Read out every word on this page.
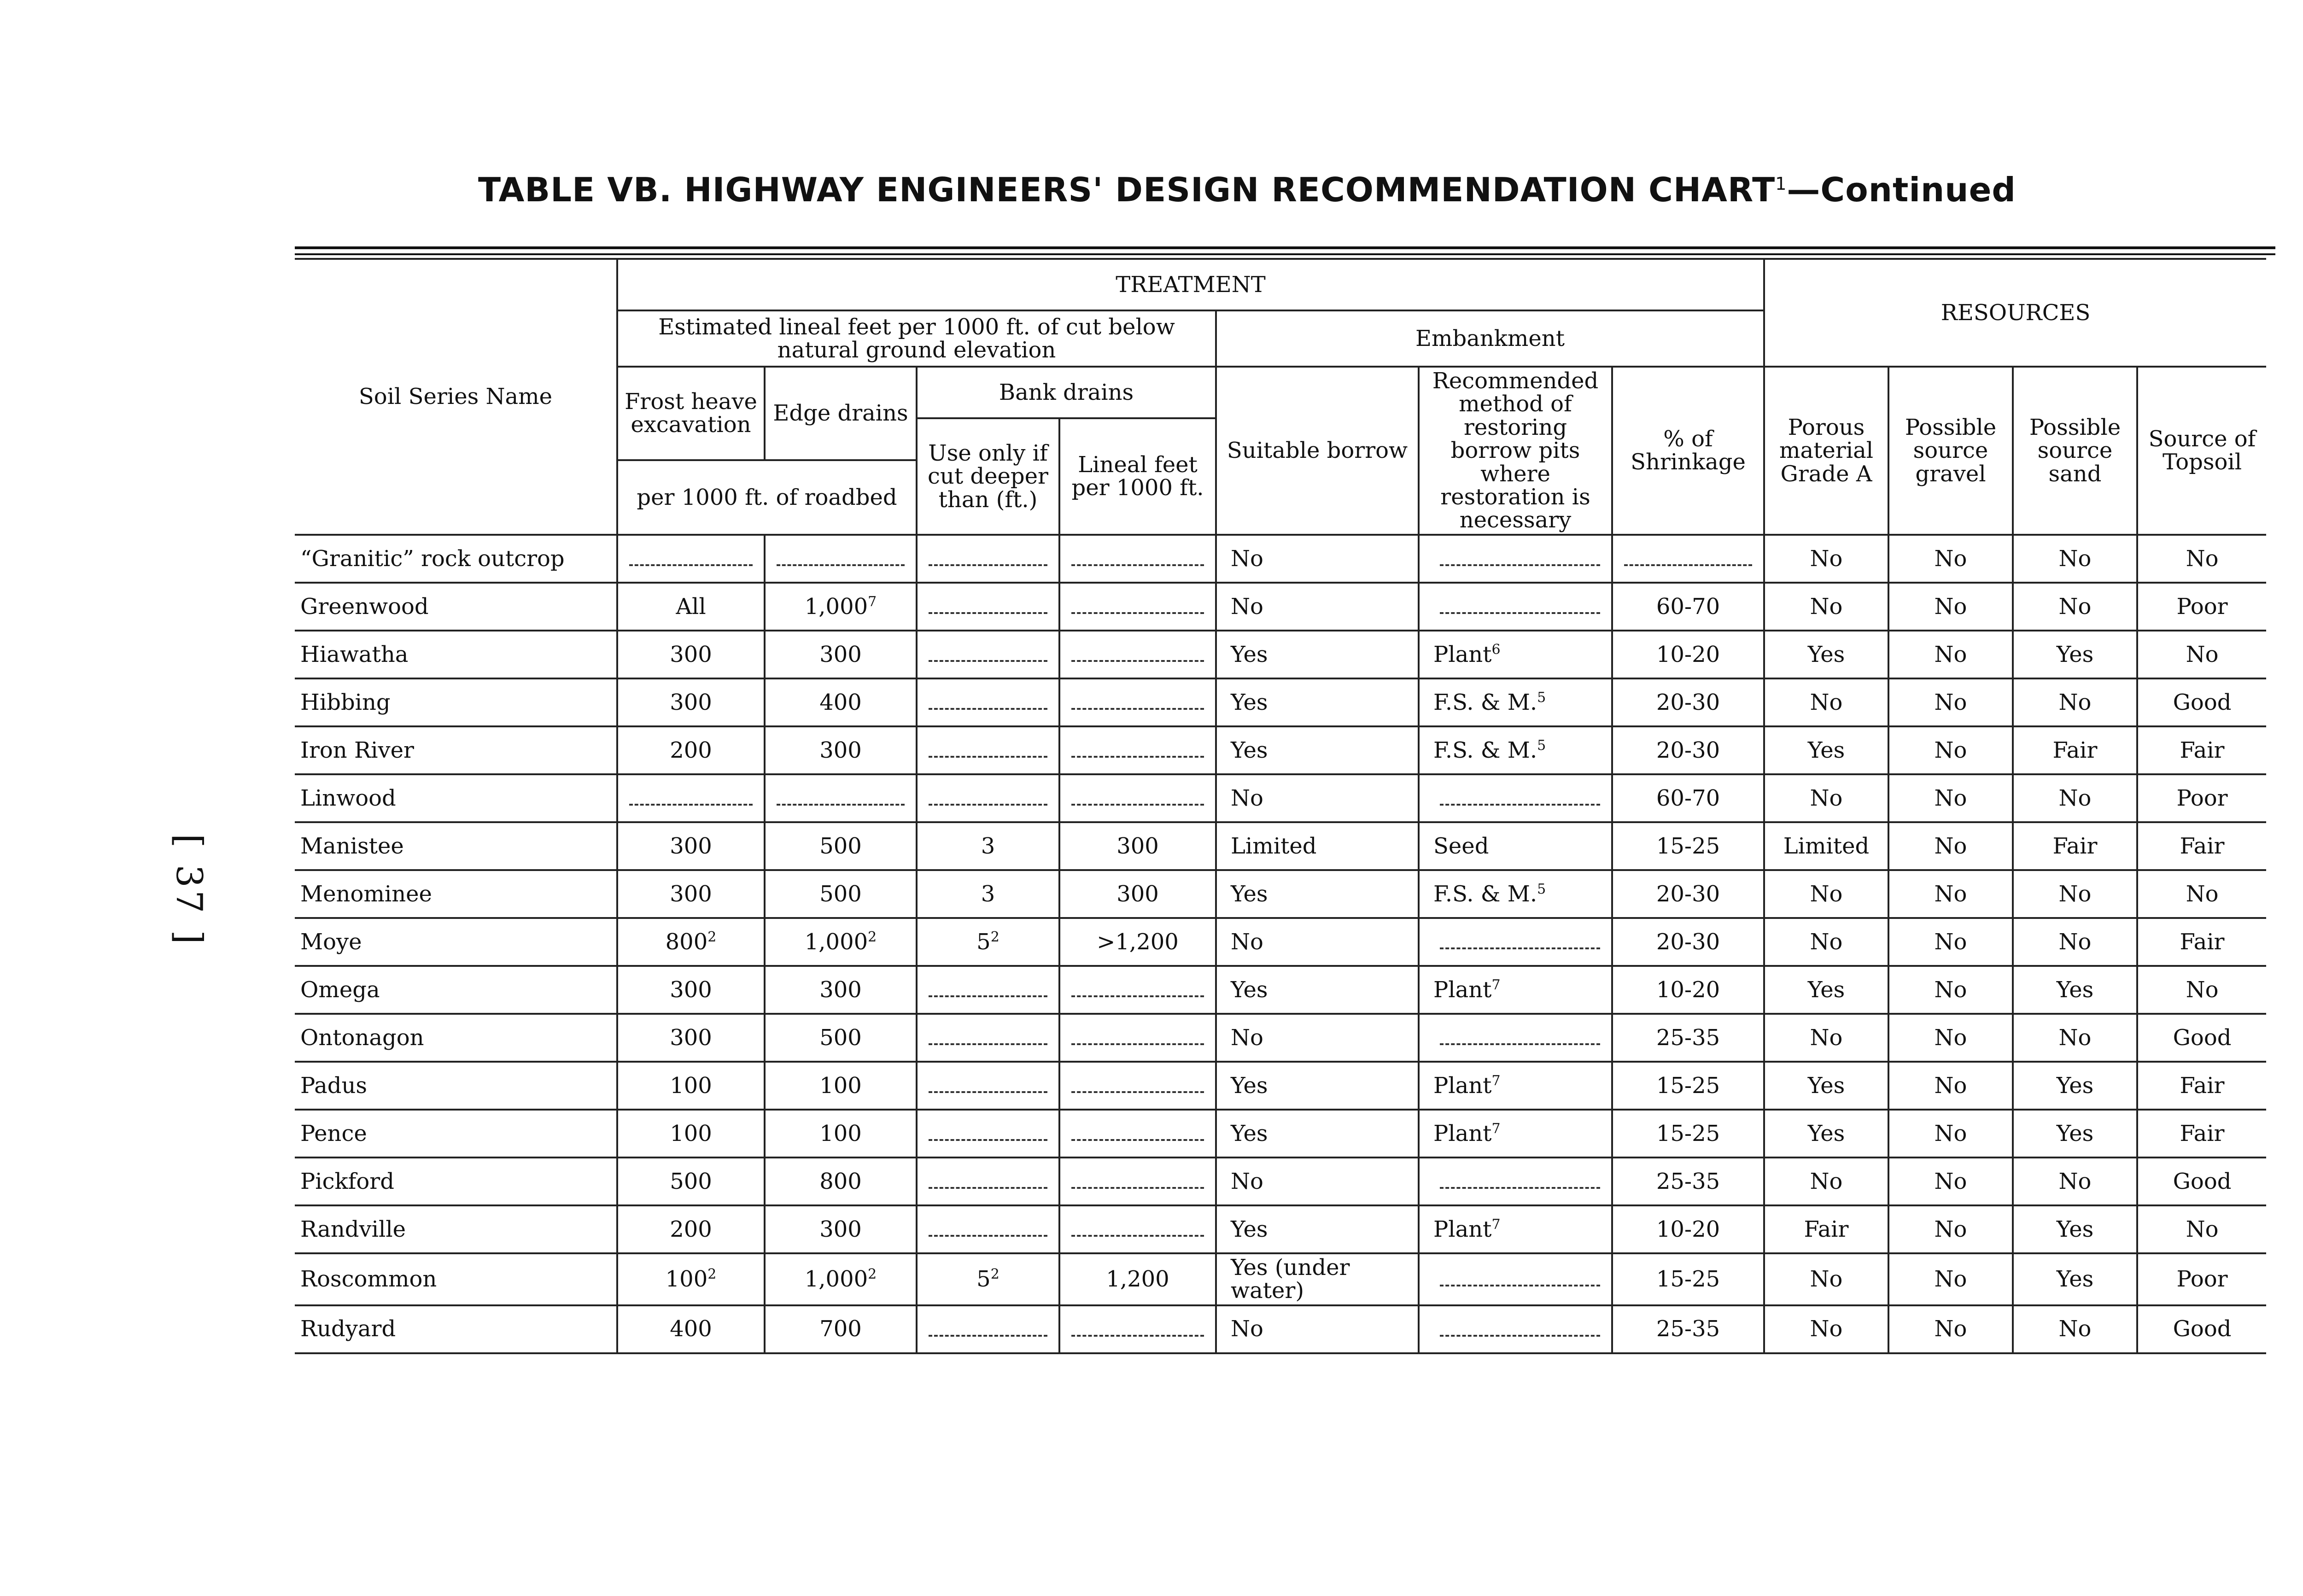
TABLE VB. HIGHWAY ENGINEERS' DESIGN RECOMMENDATION CHART$^1$—Continued
[ 37 ]
Soil Series Name	TREATMENT							RESOURCES			
	Estimated lineal feet per 1000 ft. of cut below natural ground elevation				Embankment						
	Frost heave excavation	Edge drains	Bank drains		Suitable borrow	Recommended method of restoring borrow pits where restoration is necessary	% of Shrinkage	Porous material Grade A	Possible source gravel	Possible source sand	Source of Topsoil
			Use only if cut deeper than (ft.)	Lineal feet per 1000 ft.							
	per 1000 ft. of roadbed										
“Granitic” rock outcrop					No			No	No	No	No
Greenwood	All	1,000$^7$			No		60-70	No	No	No	Poor
Hiawatha	300	300			Yes	Plant$^6$	10-20	Yes	No	Yes	No
Hibbing	300	400			Yes	F.S. & M.$^5$	20-30	No	No	No	Good
Iron River	200	300			Yes	F.S. & M.$^5$	20-30	Yes	No	Fair	Fair
Linwood					No		60-70	No	No	No	Poor
Manistee	300	500	3	300	Limited	Seed	15-25	Limited	No	Fair	Fair
Menominee	300	500	3	300	Yes	F.S. & M.$^5$	20-30	No	No	No	No
Moye	800$^2$	1,000$^2$	5$^2$	>1,200	No		20-30	No	No	No	Fair
Omega	300	300			Yes	Plant$^7$	10-20	Yes	No	Yes	No
Ontonagon	300	500			No		25-35	No	No	No	Good
Padus	100	100			Yes	Plant$^7$	15-25	Yes	No	Yes	Fair
Pence	100	100			Yes	Plant$^7$	15-25	Yes	No	Yes	Fair
Pickford	500	800			No		25-35	No	No	No	Good
Randville	200	300			Yes	Plant$^7$	10-20	Fair	No	Yes	No
Roscommon	100$^2$	1,000$^2$	5$^2$	1,200	Yes (under water)		15-25	No	No	Yes	Poor
Rudyard	400	700			No		25-35	No	No	No	Good
